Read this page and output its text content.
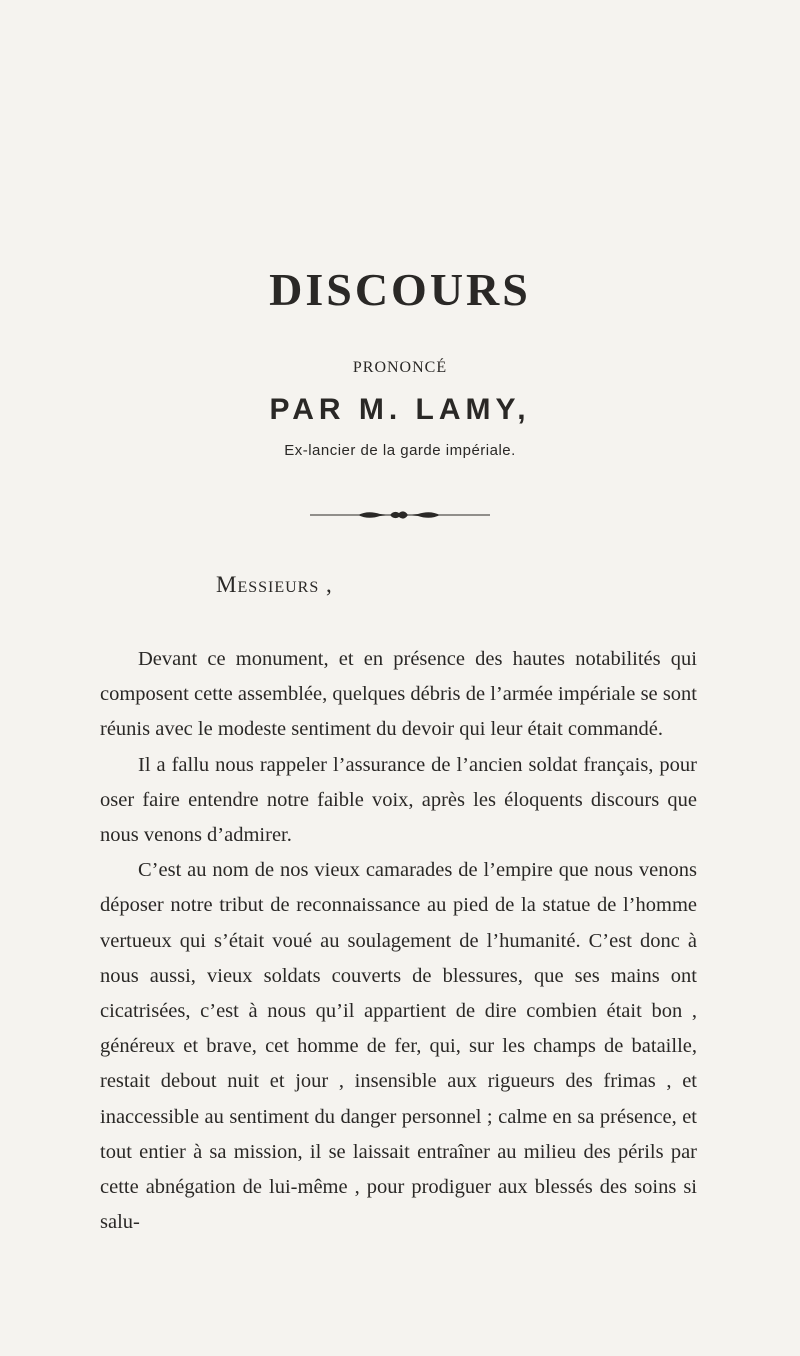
DISCOURS
PRONONCÉ
PAR M. LAMY,
Ex-lancier de la garde impériale.
Messieurs ,

Devant ce monument, et en présence des hautes notabilités qui composent cette assemblée, quelques débris de l’armée impériale se sont réunis avec le modeste sentiment du devoir qui leur était commandé.

Il a fallu nous rappeler l’assurance de l’ancien soldat français, pour oser faire entendre notre faible voix, après les éloquents discours que nous venons d’admirer.

C’est au nom de nos vieux camarades de l’empire que nous venons déposer notre tribut de reconnaissance au pied de la statue de l’homme vertueux qui s’était voué au soulagement de l’humanité. C’est donc à nous aussi, vieux soldats couverts de blessures, que ses mains ont cicatrisées, c’est à nous qu’il appartient de dire combien était bon , généreux et brave, cet homme de fer, qui, sur les champs de bataille, restait debout nuit et jour , insensible aux rigueurs des frimas , et inaccessible au sentiment du danger personnel ; calme en sa présence, et tout entier à sa mission, il se laissait entraîner au milieu des périls par cette abnégation de lui-même , pour prodiguer aux blessés des soins si salu-
